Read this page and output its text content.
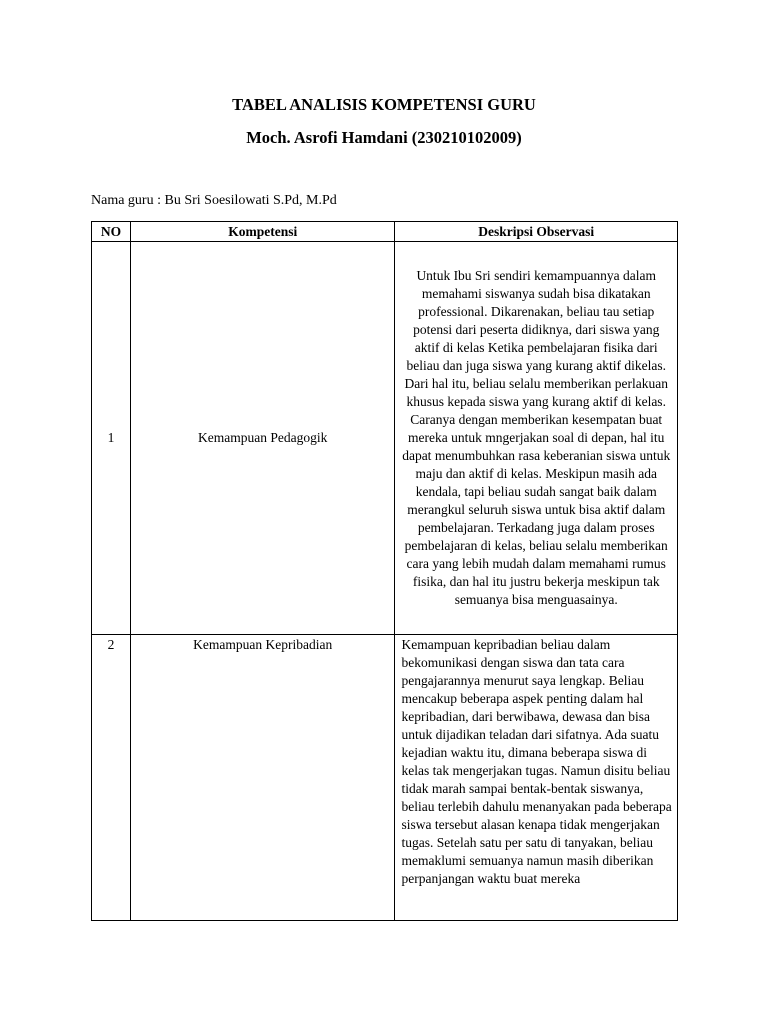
TABEL ANALISIS KOMPETENSI GURU
Moch. Asrofi Hamdani (230210102009)
Nama guru : Bu Sri Soesilowati S.Pd, M.Pd
NO	Kompetensi	Deskripsi Observasi
1	Kemampuan Pedagogik	Untuk Ibu Sri sendiri kemampuannya dalam memahami siswanya sudah bisa dikatakan professional. Dikarenakan, beliau tau setiap potensi dari peserta didiknya, dari siswa yang aktif di kelas Ketika pembelajaran fisika dari beliau dan juga siswa yang kurang aktif dikelas. Dari hal itu, beliau selalu memberikan perlakuan khusus kepada siswa yang kurang aktif di kelas. Caranya dengan memberikan kesempatan buat mereka untuk mngerjakan soal di depan, hal itu dapat menumbuhkan rasa keberanian siswa untuk maju dan aktif di kelas. Meskipun masih ada kendala, tapi beliau sudah sangat baik dalam merangkul seluruh siswa untuk bisa aktif dalam pembelajaran. Terkadang juga dalam proses pembelajaran di kelas, beliau selalu memberikan cara yang lebih mudah dalam memahami rumus fisika, dan hal itu justru bekerja meskipun tak semuanya bisa menguasainya.
2	Kemampuan Kepribadian	Kemampuan kepribadian beliau dalam bekomunikasi dengan siswa dan tata cara pengajarannya menurut saya lengkap. Beliau mencakup beberapa aspek penting dalam hal kepribadian, dari berwibawa, dewasa dan bisa untuk dijadikan teladan dari sifatnya. Ada suatu kejadian waktu itu, dimana beberapa siswa di kelas tak mengerjakan tugas. Namun disitu beliau tidak marah sampai bentak-bentak siswanya, beliau terlebih dahulu menanyakan pada beberapa siswa tersebut alasan kenapa tidak mengerjakan tugas. Setelah satu per satu di tanyakan, beliau memaklumi semuanya namun masih diberikan perpanjangan waktu buat mereka
